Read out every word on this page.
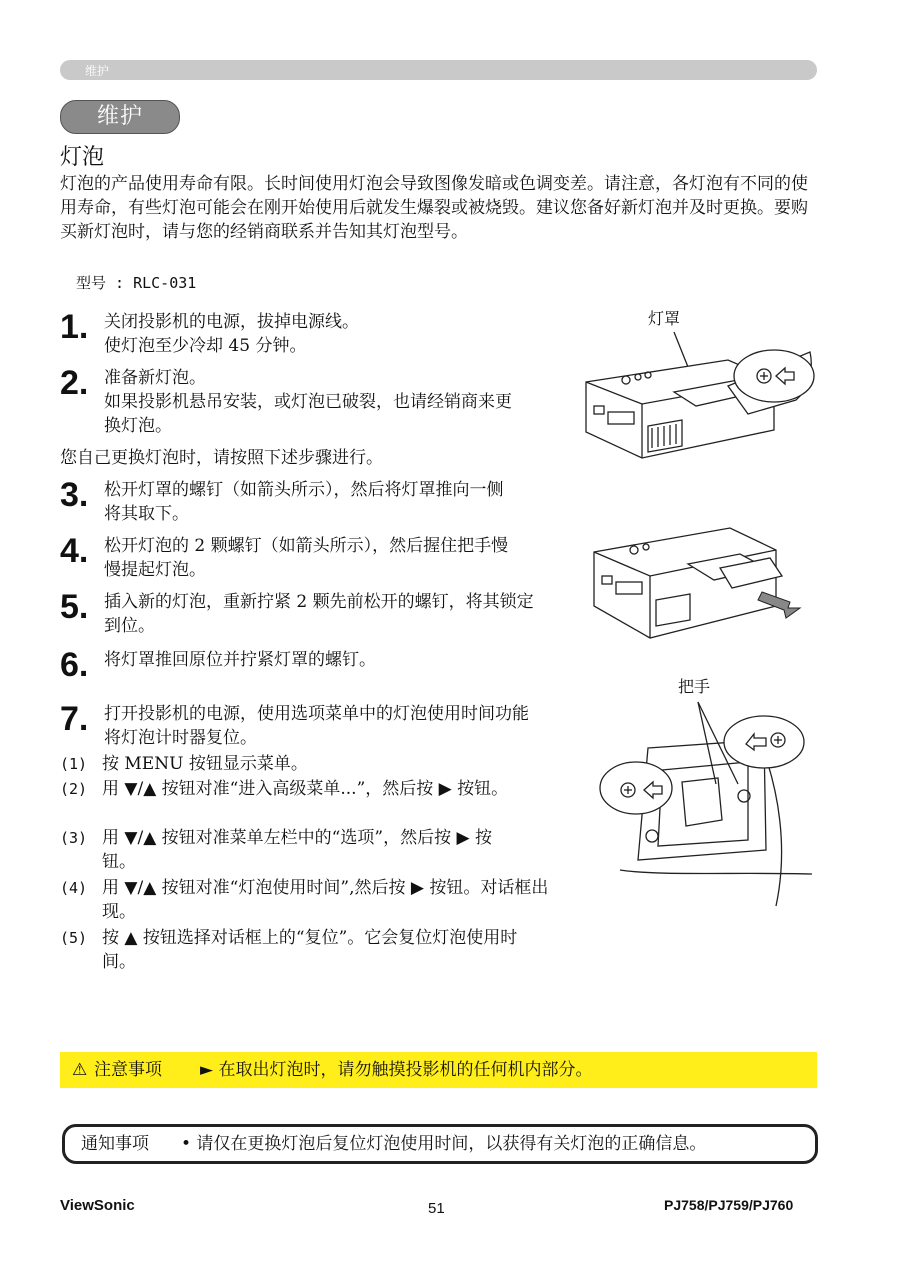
维护
维护
灯泡
灯泡的产品使用寿命有限。长时间使用灯泡会导致图像发暗或色调变差。请注意，各灯泡有不同的使用寿命，有些灯泡可能会在刚开始使用后就发生爆裂或被烧毁。建议您备好新灯泡并及时更换。要购买新灯泡时，请与您的经销商联系并告知其灯泡型号。
型号 : RLC-031
1. 关闭投影机的电源，拔掉电源线。
使灯泡至少冷却 45 分钟。
2. 准备新灯泡。
如果投影机悬吊安装，或灯泡已破裂，也请经销商来更换灯泡。
您自己更换灯泡时，请按照下述步骤进行。
3. 松开灯罩的螺钉（如箭头所示），然后将灯罩推向一侧将其取下。
4. 松开灯泡的 2 颗螺钉（如箭头所示），然后握住把手慢慢提起灯泡。
5. 插入新的灯泡，重新拧紧 2 颗先前松开的螺钉，将其锁定到位。
6. 将灯罩推回原位并拧紧灯罩的螺钉。
7. 打开投影机的电源，使用选项菜单中的灯泡使用时间功能将灯泡计时器复位。
(1) 按 MENU 按钮显示菜单。
(2) 用 ▼/▲ 按钮对准“进入高级菜单...”，然后按 ▶ 按钮。
(3) 用 ▼/▲ 按钮对准菜单左栏中的“选项”，然后按 ▶ 按钮。
(4) 用 ▼/▲ 按钮对准“灯泡使用时间”,然后按 ▶ 按钮。对话框出现。
(5) 按 ▲ 按钮选择对话框上的“复位”。它会复位灯泡使用时间。
灯罩
把手
⚠ 注意事项 ► 在取出灯泡时，请勿触摸投影机的任何机内部分。
通知事项 • 请仅在更换灯泡后复位灯泡使用时间，以获得有关灯泡的正确信息。
ViewSonic	51	PJ758/PJ759/PJ760
